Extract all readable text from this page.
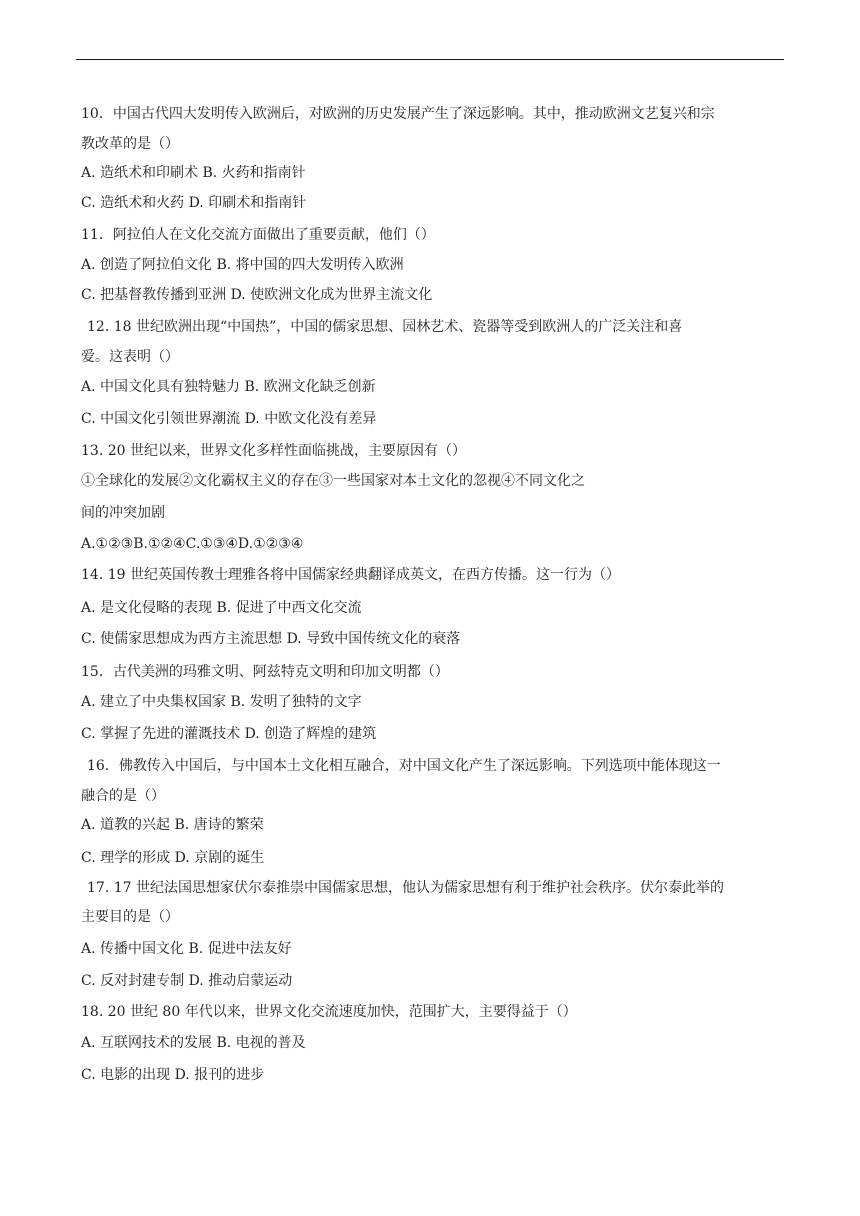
10．中国古代四大发明传入欧洲后，对欧洲的历史发展产生了深远影响。其中，推动欧洲文艺复兴和宗
教改革的是（）
A. 造纸术和印刷术 B. 火药和指南针
C. 造纸术和火药 D. 印刷术和指南针
11．阿拉伯人在文化交流方面做出了重要贡献，他们（）
A. 创造了阿拉伯文化 B. 将中国的四大发明传入欧洲
C. 把基督教传播到亚洲 D. 使欧洲文化成为世界主流文化
12. 18 世纪欧洲出现“中国热”，中国的儒家思想、园林艺术、瓷器等受到欧洲人的广泛关注和喜
爱。这表明（）
A. 中国文化具有独特魅力 B. 欧洲文化缺乏创新
C. 中国文化引领世界潮流 D. 中欧文化没有差异
13. 20 世纪以来，世界文化多样性面临挑战，主要原因有（）
①全球化的发展②文化霸权主义的存在③一些国家对本土文化的忽视④不同文化之
间的冲突加剧
A.①②③B.①②④C.①③④D.①②③④
14. 19 世纪英国传教士理雅各将中国儒家经典翻译成英文，在西方传播。这一行为（）
A. 是文化侵略的表现 B. 促进了中西文化交流
C. 使儒家思想成为西方主流思想 D. 导致中国传统文化的衰落
15．古代美洲的玛雅文明、阿兹特克文明和印加文明都（）
A. 建立了中央集权国家 B. 发明了独特的文字
C. 掌握了先进的灌溉技术 D. 创造了辉煌的建筑
16．佛教传入中国后，与中国本土文化相互融合，对中国文化产生了深远影响。下列选项中能体现这一
融合的是（）
A. 道教的兴起 B. 唐诗的繁荣
C. 理学的形成 D. 京剧的诞生
17. 17 世纪法国思想家伏尔泰推崇中国儒家思想，他认为儒家思想有利于维护社会秩序。伏尔泰此举的
主要目的是（）
A. 传播中国文化 B. 促进中法友好
C. 反对封建专制 D. 推动启蒙运动
18. 20 世纪 80 年代以来，世界文化交流速度加快，范围扩大，主要得益于（）
A. 互联网技术的发展 B. 电视的普及
C. 电影的出现 D. 报刊的进步
